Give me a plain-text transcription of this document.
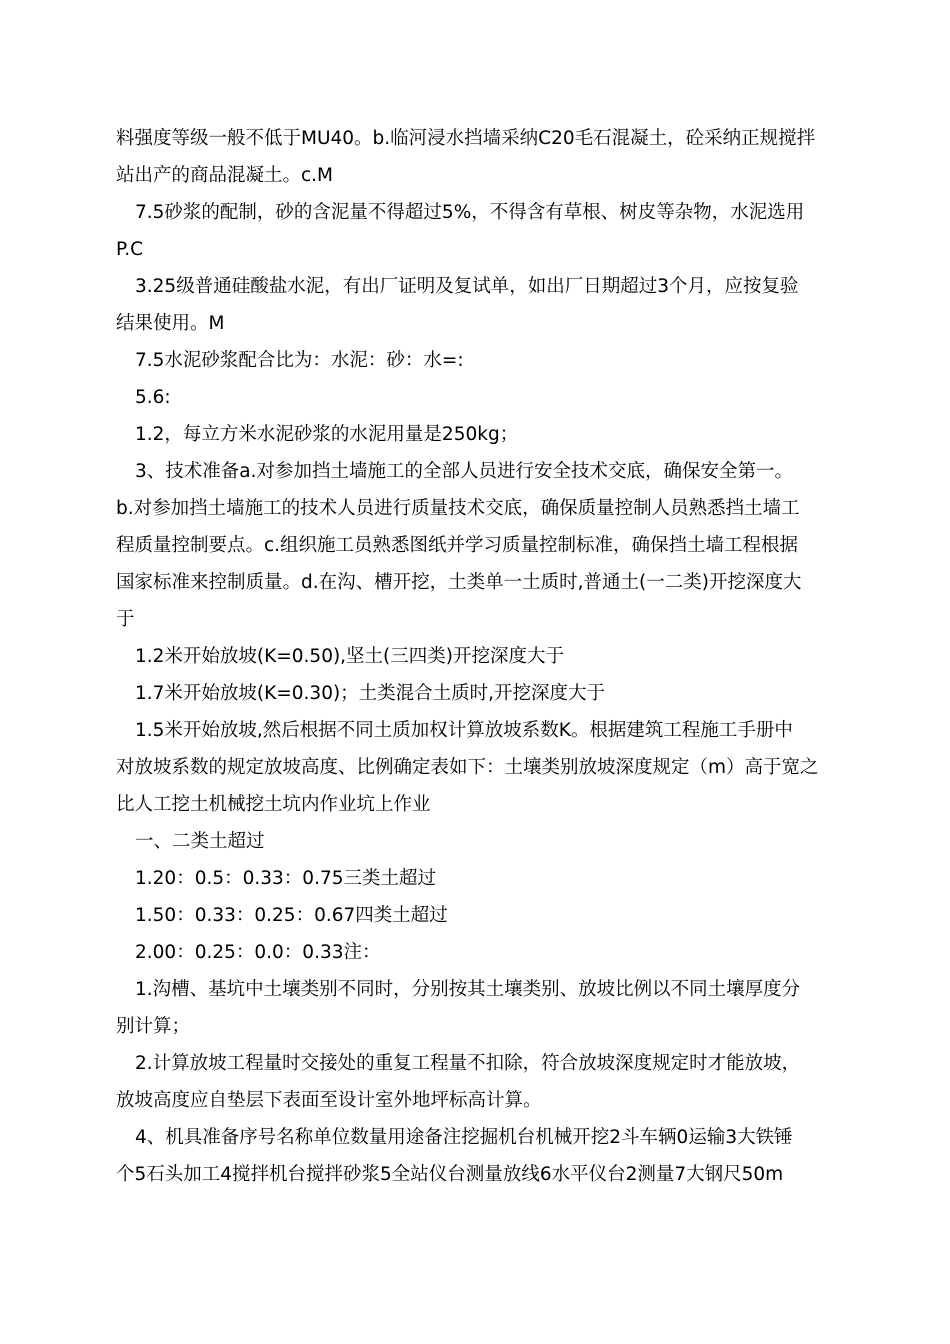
料强度等级一般不低于MU40。b.临河浸水挡墙采纳C20毛石混凝土，砼采纳正规搅拌
站出产的商品混凝土。c.M
7.5砂浆的配制，砂的含泥量不得超过5%，不得含有草根、树皮等杂物，水泥选用
P.C
3.25级普通硅酸盐水泥，有出厂证明及复试单，如出厂日期超过3个月，应按复验
结果使用。M
7.5水泥砂浆配合比为：水泥：砂：水=:
5.6:
1.2，每立方米水泥砂浆的水泥用量是250kg；
3、技术准备a.对参加挡土墙施工的全部人员进行安全技术交底，确保安全第一。
b.对参加挡土墙施工的技术人员进行质量技术交底，确保质量控制人员熟悉挡土墙工
程质量控制要点。c.组织施工员熟悉图纸并学习质量控制标准，确保挡土墙工程根据
国家标准来控制质量。d.在沟、槽开挖，土类单一土质时,普通土(一二类)开挖深度大
于
1.2米开始放坡(K=0.50),坚土(三四类)开挖深度大于
1.7米开始放坡(K=0.30)；土类混合土质时,开挖深度大于
1.5米开始放坡,然后根据不同土质加权计算放坡系数K。根据建筑工程施工手册中
对放坡系数的规定放坡高度、比例确定表如下：土壤类别放坡深度规定（m）高于宽之
比人工挖土机械挖土坑内作业坑上作业
一、二类土超过
1.20：0.5：0.33：0.75三类土超过
1.50：0.33：0.25：0.67四类土超过
2.00：0.25：0.0：0.33注：
1.沟槽、基坑中土壤类别不同时，分别按其土壤类别、放坡比例以不同土壤厚度分
别计算；
2.计算放坡工程量时交接处的重复工程量不扣除，符合放坡深度规定时才能放坡，
放坡高度应自垫层下表面至设计室外地坪标高计算。
4、机具准备序号名称单位数量用途备注挖掘机台机械开挖2斗车辆0运输3大铁锤
个5石头加工4搅拌机台搅拌砂浆5全站仪台测量放线6水平仪台2测量7大钢尺50m
